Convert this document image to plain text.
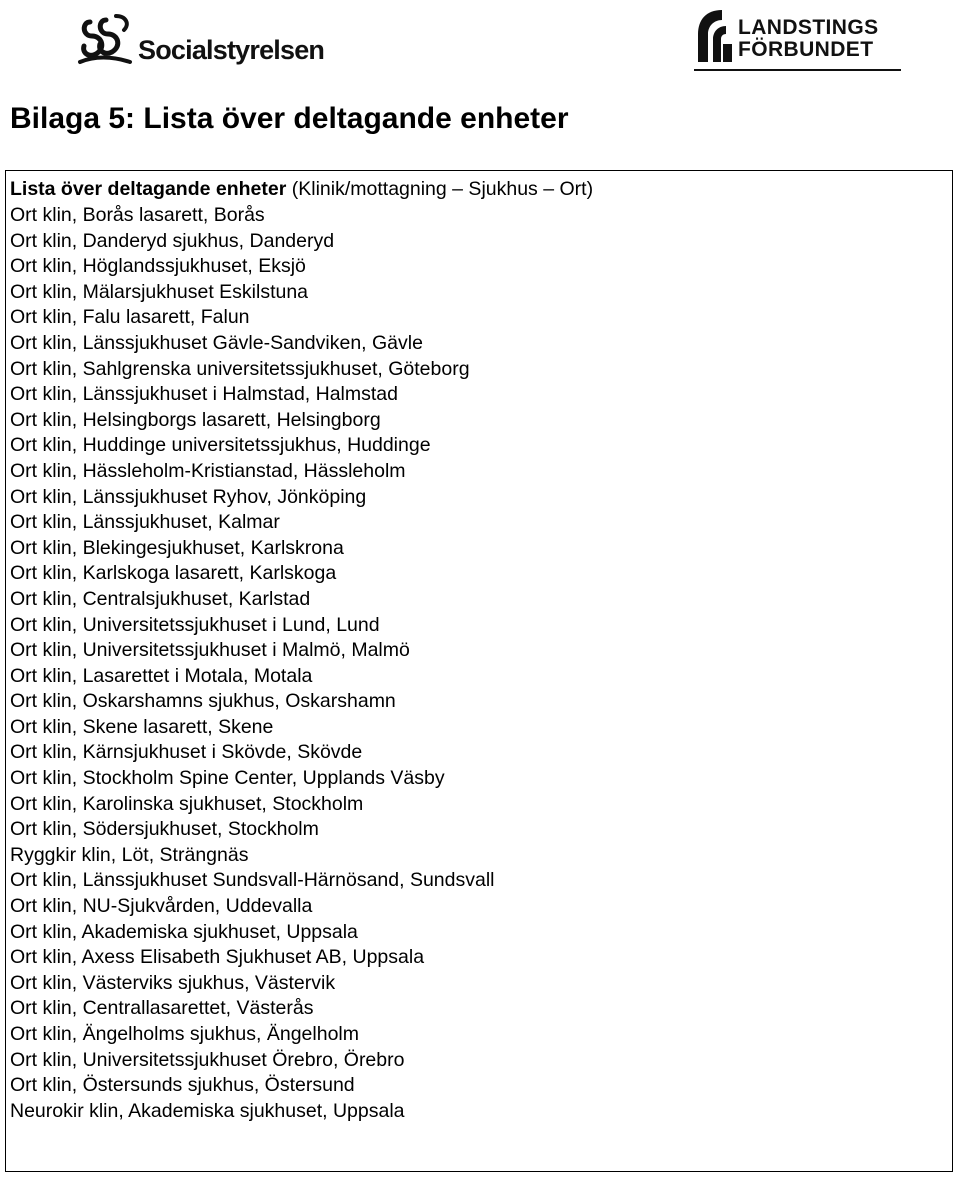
Socialstyrelsen
LANDSTINGS
FÖRBUNDET
Bilaga 5: Lista över deltagande enheter
Lista över deltagande enheter (Klinik/mottagning – Sjukhus – Ort)
Ort klin, Borås lasarett, Borås
Ort klin, Danderyd sjukhus, Danderyd
Ort klin, Höglandssjukhuset, Eksjö
Ort klin, Mälarsjukhuset Eskilstuna
Ort klin, Falu lasarett, Falun
Ort klin, Länssjukhuset Gävle-Sandviken, Gävle
Ort klin, Sahlgrenska universitetssjukhuset, Göteborg
Ort klin, Länssjukhuset i Halmstad, Halmstad
Ort klin, Helsingborgs lasarett, Helsingborg
Ort klin, Huddinge universitetssjukhus, Huddinge
Ort klin, Hässleholm-Kristianstad, Hässleholm
Ort klin, Länssjukhuset Ryhov, Jönköping
Ort klin, Länssjukhuset, Kalmar
Ort klin, Blekingesjukhuset, Karlskrona
Ort klin, Karlskoga lasarett, Karlskoga
Ort klin, Centralsjukhuset, Karlstad
Ort klin, Universitetssjukhuset i Lund, Lund
Ort klin, Universitetssjukhuset i Malmö, Malmö
Ort klin, Lasarettet i Motala, Motala
Ort klin, Oskarshamns sjukhus, Oskarshamn
Ort klin, Skene lasarett, Skene
Ort klin, Kärnsjukhuset i Skövde, Skövde
Ort klin, Stockholm Spine Center, Upplands Väsby
Ort klin, Karolinska sjukhuset, Stockholm
Ort klin, Södersjukhuset, Stockholm
Ryggkir klin, Löt, Strängnäs
Ort klin, Länssjukhuset Sundsvall-Härnösand, Sundsvall
Ort klin, NU-Sjukvården, Uddevalla
Ort klin, Akademiska sjukhuset, Uppsala
Ort klin, Axess Elisabeth Sjukhuset AB, Uppsala
Ort klin, Västerviks sjukhus, Västervik
Ort klin, Centrallasarettet, Västerås
Ort klin, Ängelholms sjukhus, Ängelholm
Ort klin, Universitetssjukhuset Örebro, Örebro
Ort klin, Östersunds sjukhus, Östersund
Neurokir klin, Akademiska sjukhuset, Uppsala
